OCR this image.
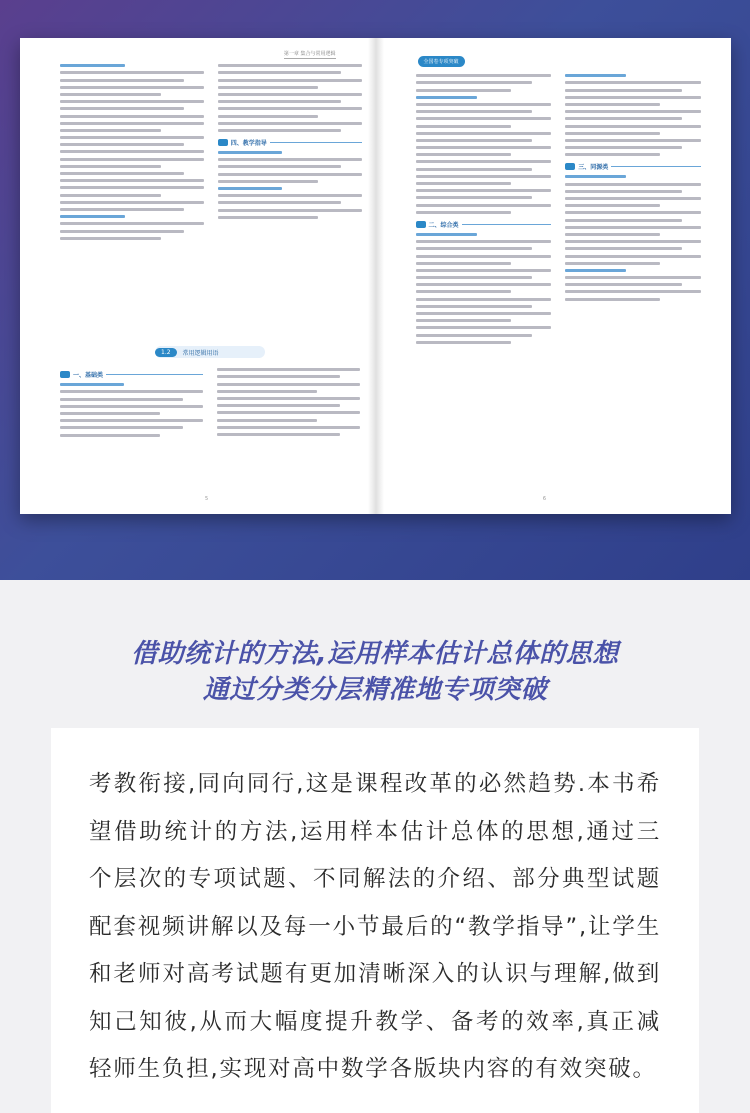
第一章 集合与常用逻辑
四、教学指导
1.2	常用逻辑用语
一、基础类
5
全国卷专项突破
二、综合类
三、同源类
6
借助统计的方法,运用样本估计总体的思想
通过分类分层精准地专项突破

考教衔接,同向同行,这是课程改革的必然趋势.本书希望借助统计的方法,运用样本估计总体的思想,通过三个层次的专项试题、不同解法的介绍、部分典型试题配套视频讲解以及每一小节最后的“教学指导”,让学生和老师对高考试题有更加清晰深入的认识与理解,做到知己知彼,从而大幅度提升教学、备考的效率,真正减轻师生负担,实现对高中数学各版块内容的有效突破。
